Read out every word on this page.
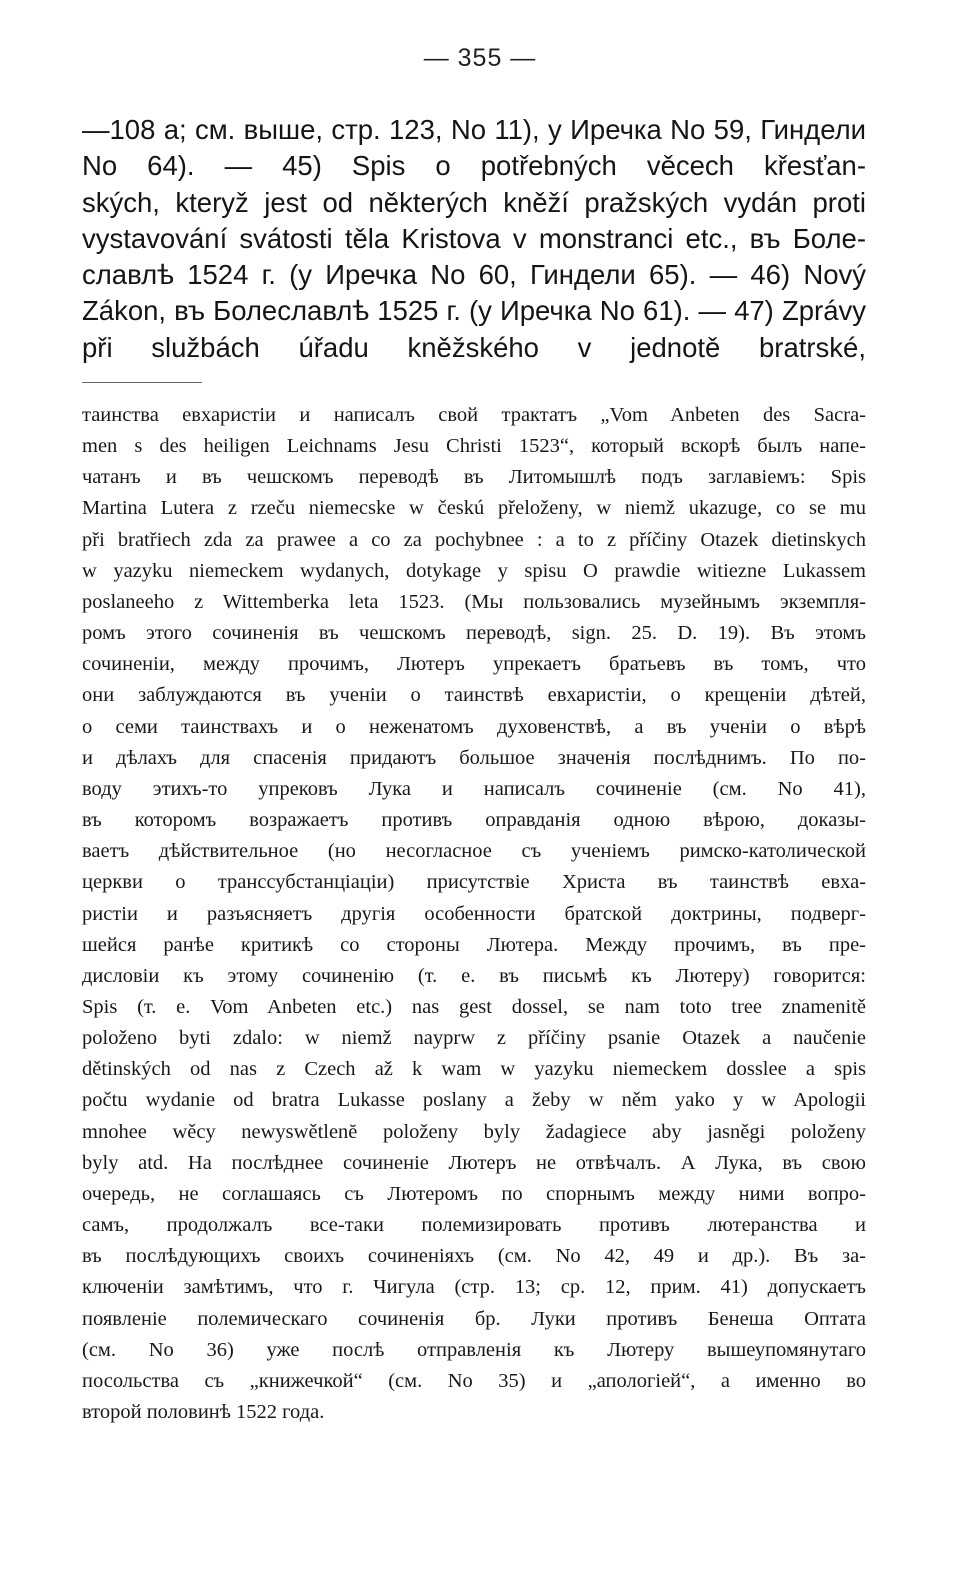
— 355 —
—108 a; см. выше, стр. 123, No 11), у Иречка No 59, Гиндели
No 64). — 45) Spis o potřebných věcech křesťan-
ských, kteryž jest od některých kněží pražských vydán proti
vystavování svátosti těla Kristova v monstranci etc., въ Боле-
славлѣ 1524 г. (у Иречка No 60, Гиндели 65). — 46) Nový
Zákon, въ Болеславлѣ 1525 г. (у Иречка No 61). — 47) Zprávy
při službách úřadu kněžského v jednotě bratrské,
таинства евхаристіи и написалъ свой трактатъ „Vom Anbeten des Sacra-
men s des heiligen Leichnams Jesu Christi 1523“, который вскорѣ былъ напе-
чатанъ и въ чешскомъ переводѣ въ Литомышлѣ подъ заглавіемъ: Spis
Martina Lutera z rzeču niemecske w českú přeloženy, w niemž ukazuge, co se mu
při bratřiech zda za prawee a co za pochybnee : a to z příčiny Otazek dietinskych
w yazyku niemeckem wydanych, dotykage y spisu O prawdie witiezne Lukassem
poslaneeho z Wittemberka leta 1523. (Мы пользовались музейнымъ экземпля-
ромъ этого сочиненія въ чешскомъ переводѣ, sign. 25. D. 19). Въ этомъ
сочиненіи, между прочимъ, Лютеръ упрекаетъ братьевъ въ томъ, что
они заблуждаются въ ученіи о таинствѣ евхаристіи, о крещеніи дѣтей,
о семи таинствахъ и о неженатомъ духовенствѣ, а въ ученіи о вѣрѣ
и дѣлахъ для спасенія придаютъ большое значенія послѣднимъ. По по-
воду этихъ-то упрековъ Лука и написалъ сочиненіе (см. No 41),
въ которомъ возражаетъ противъ оправданія одною вѣрою, доказы-
ваетъ дѣйствительное (но несогласное съ ученіемъ римско-католической
церкви о транссубстанціаціи) присутствіе Христа въ таинствѣ евха-
ристіи и разъясняетъ другія особенности братской доктрины, подверг-
шейся ранѣе критикѣ со стороны Лютера. Между прочимъ, въ пре-
дисловіи къ этому сочиненію (т. е. въ письмѣ къ Лютеру) говорится:
Spis (т. е. Vom Anbeten etc.) nas gest dossel, se nam toto tree znamenitě
položeno byti zdalo: w niemž nayprw z příčiny psanie Otazek a naučenie
dětinských od nas z Czech až k wam w yazyku niemeckem dosslee a spis
počtu wydanie od bratra Lukasse poslany a žeby w něm yako y w Apologii
mnohee wěcy newyswětlenĕ položeny byly žadagiece aby jasněgi položeny
byly atd. На послѣднее сочиненіе Лютеръ не отвѣчалъ. А Лука, въ свою
очередь, не соглашаясь съ Лютеромъ по спорнымъ между ними вопро-
самъ, продолжалъ все-таки полемизировать противъ лютеранства и
въ послѣдующихъ своихъ сочиненіяхъ (см. No 42, 49 и др.). Въ за-
ключеніи замѣтимъ, что г. Чигула (стр. 13; ср. 12, прим. 41) допускаетъ
появленіе полемическаго сочиненія бр. Луки противъ Бенеша Оптата
(см. No 36) уже послѣ отправленія къ Лютеру вышеупомянутаго
посольства съ „книжечкой“ (см. No 35) и „апологіей“, а именно во
второй половинѣ 1522 года.
